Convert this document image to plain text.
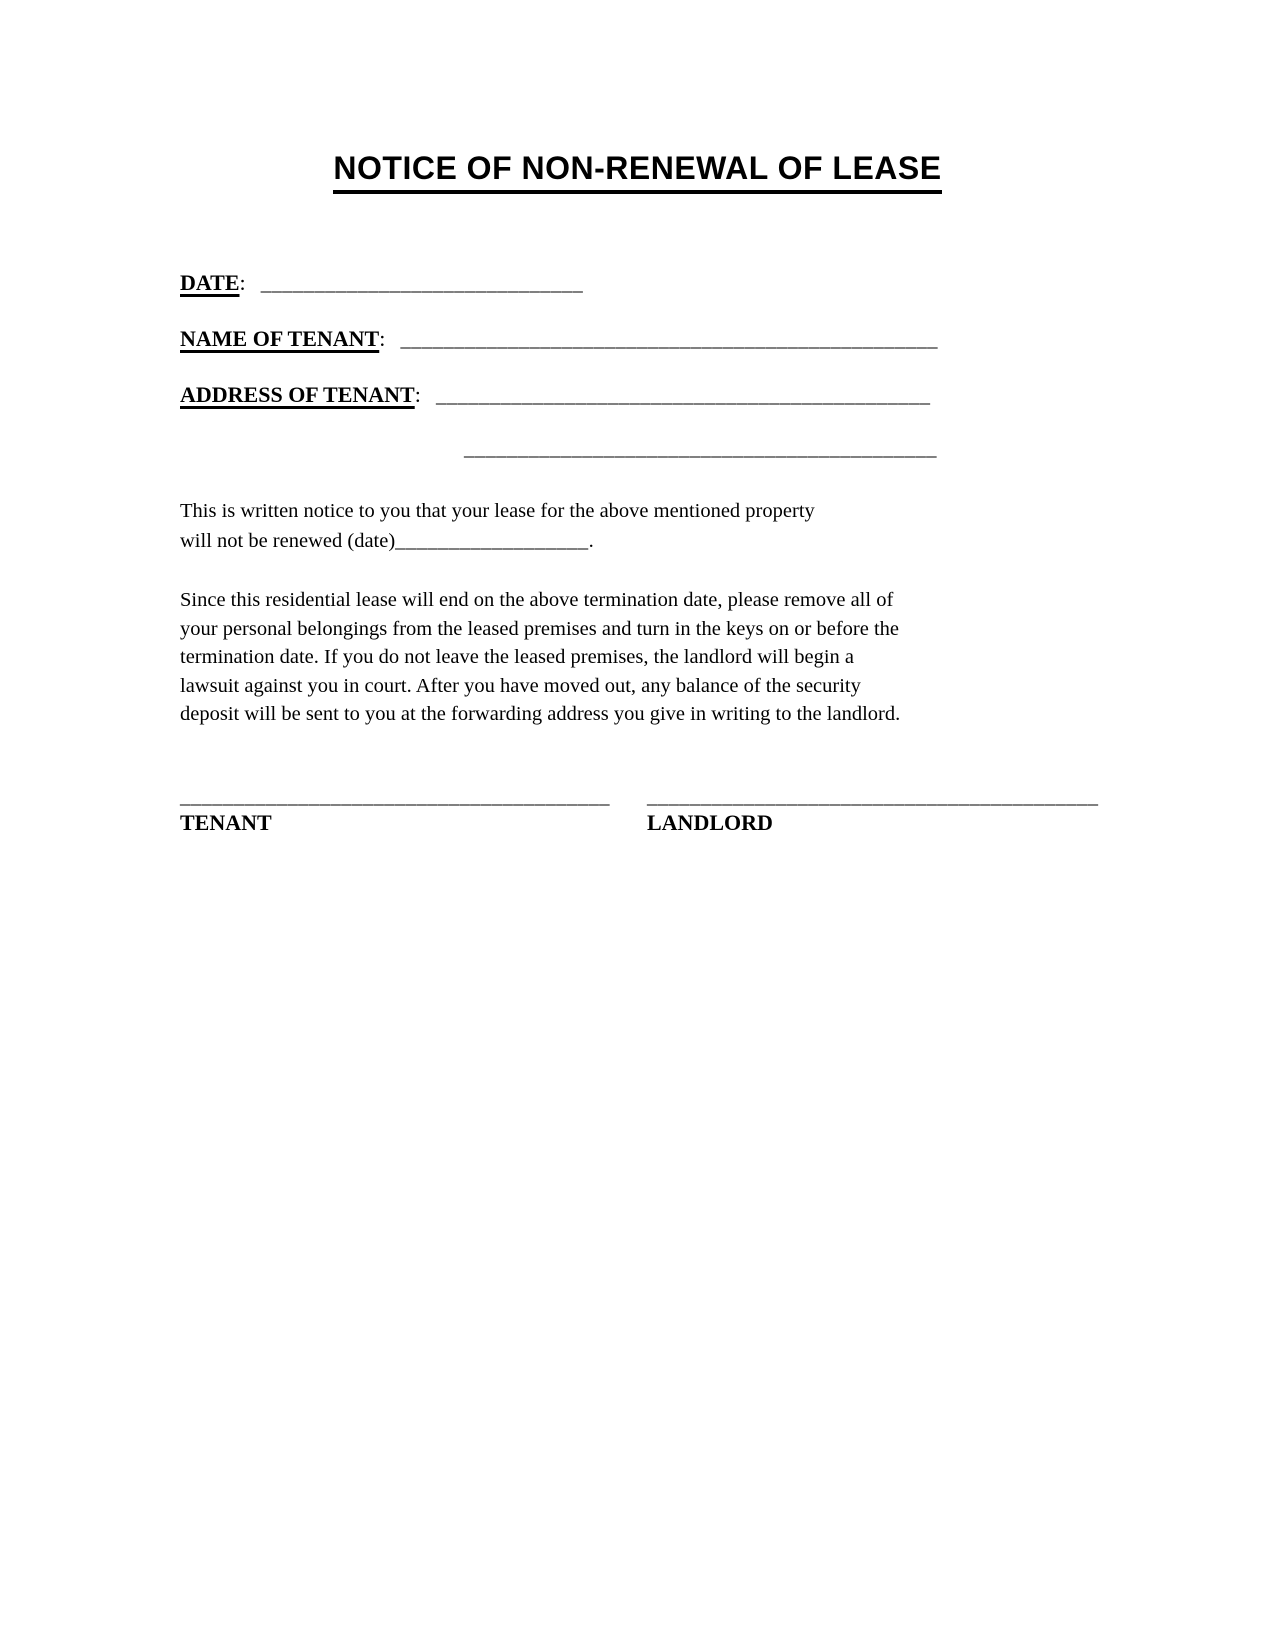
NOTICE OF NON-RENEWAL OF LEASE
DATE: ______________________________
NAME OF TENANT: __________________________________________________
ADDRESS OF TENANT: ______________________________________________
____________________________________________
This is written notice to you that your lease for the above mentioned property
will not be renewed (date)__________________.
Since this residential lease will end on the above termination date, please remove all of
your personal belongings from the leased premises and turn in the keys on or before the
termination date. If you do not leave the leased premises, the landlord will begin a
lawsuit against you in court. After you have moved out, any balance of the security
deposit will be sent to you at the forwarding address you give in writing to the landlord.
________________________________________
TENANT
__________________________________________
LANDLORD
